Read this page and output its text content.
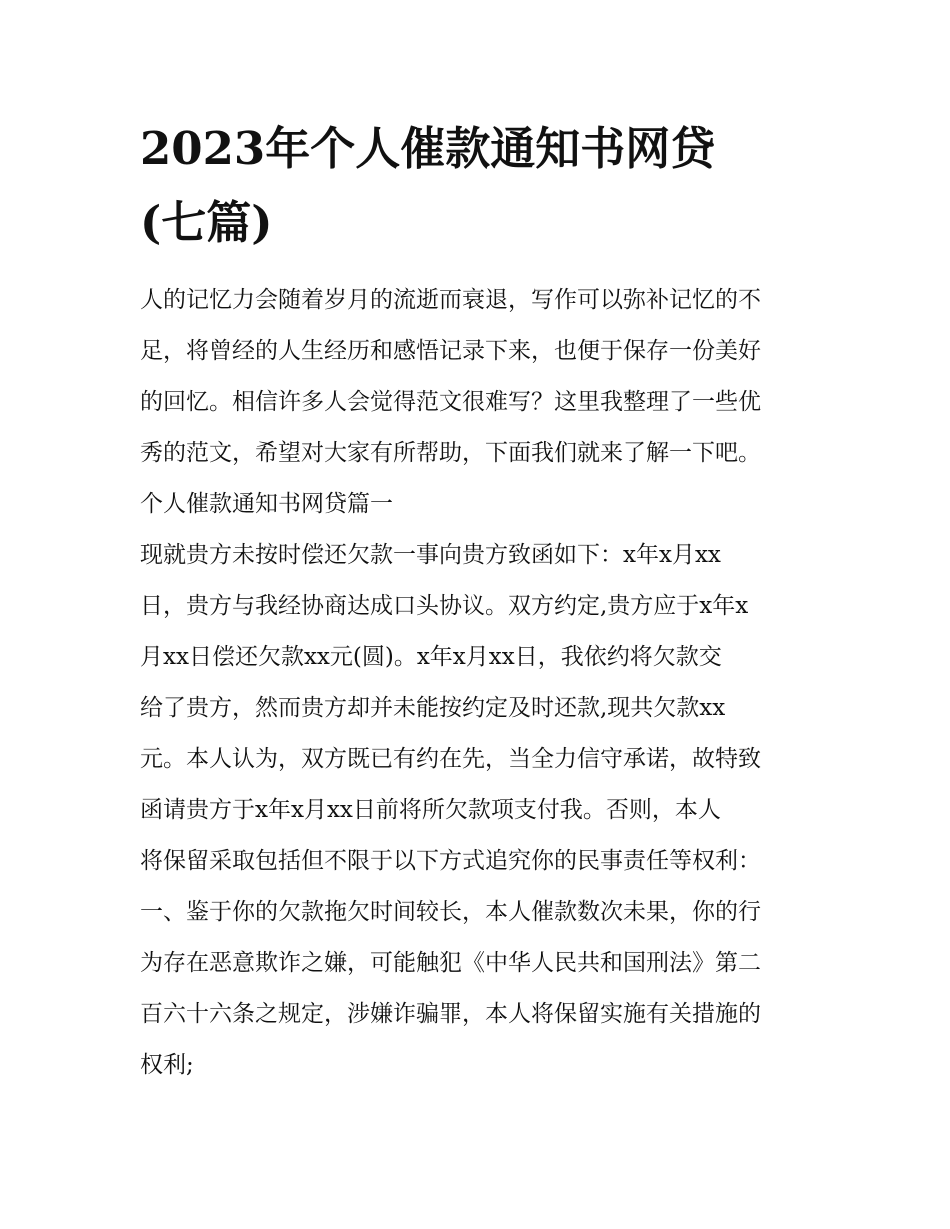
2023年个人催款通知书网贷
(七篇)
人的记忆力会随着岁月的流逝而衰退，写作可以弥补记忆的不
足，将曾经的人生经历和感悟记录下来，也便于保存一份美好
的回忆。相信许多人会觉得范文很难写？这里我整理了一些优
秀的范文，希望对大家有所帮助，下面我们就来了解一下吧。
个人催款通知书网贷篇一
现就贵方未按时偿还欠款一事向贵方致函如下：x年x月xx
日，贵方与我经协商达成口头协议。双方约定,贵方应于x年x
月xx日偿还欠款xx元(圆)。x年x月xx日，我依约将欠款交
给了贵方，然而贵方却并未能按约定及时还款,现共欠款xx
元。本人认为，双方既已有约在先，当全力信守承诺，故特致
函请贵方于x年x月xx日前将所欠款项支付我。否则，本人
将保留采取包括但不限于以下方式追究你的民事责任等权利：
一、鉴于你的欠款拖欠时间较长，本人催款数次未果，你的行
为存在恶意欺诈之嫌，可能触犯《中华人民共和国刑法》第二
百六十六条之规定，涉嫌诈骗罪，本人将保留实施有关措施的
权利;
